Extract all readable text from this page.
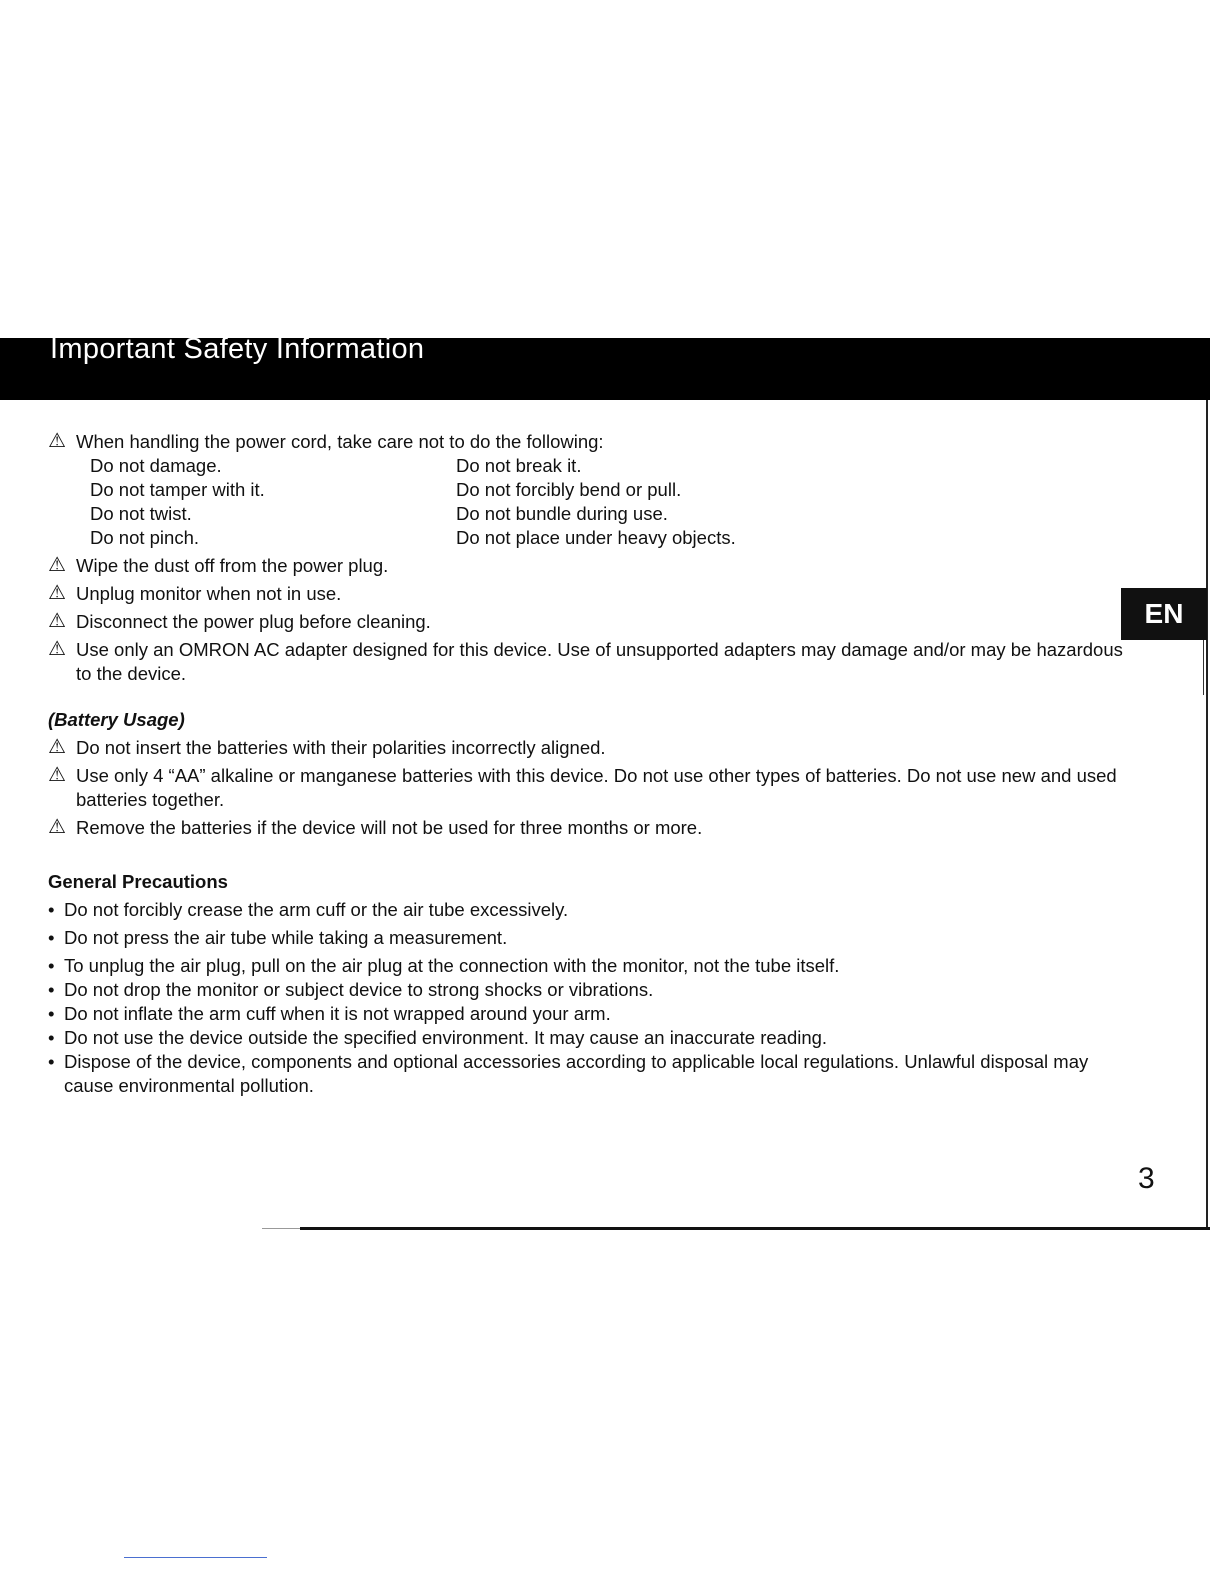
Important Safety Information
EN
⚠ When handling the power cord, take care not to do the following:
Do not damage.
Do not tamper with it.
Do not twist.
Do not pinch.
Do not break it.
Do not forcibly bend or pull.
Do not bundle during use.
Do not place under heavy objects.
⚠ Wipe the dust off from the power plug.
⚠ Unplug monitor when not in use.
⚠ Disconnect the power plug before cleaning.
⚠ Use only an OMRON AC adapter designed for this device. Use of unsupported adapters may damage and/or may be hazardous to the device.
(Battery Usage)
⚠ Do not insert the batteries with their polarities incorrectly aligned.
⚠ Use only 4 “AA” alkaline or manganese batteries with this device. Do not use other types of batteries. Do not use new and used batteries together.
⚠ Remove the batteries if the device will not be used for three months or more.
General Precautions
• Do not forcibly crease the arm cuff or the air tube excessively.
• Do not press the air tube while taking a measurement.
• To unplug the air plug, pull on the air plug at the connection with the monitor, not the tube itself.
• Do not drop the monitor or subject device to strong shocks or vibrations.
• Do not inflate the arm cuff when it is not wrapped around your arm.
• Do not use the device outside the specified environment. It may cause an inaccurate reading.
• Dispose of the device, components and optional accessories according to applicable local regulations. Unlawful disposal may cause environmental pollution.
3
